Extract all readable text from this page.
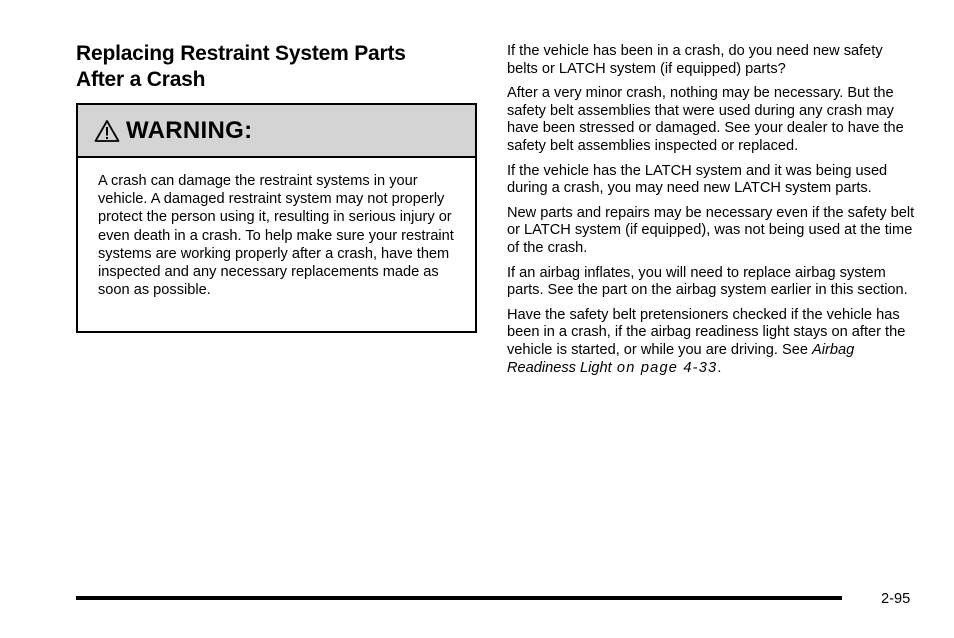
Replacing Restraint System Parts
After a Crash
WARNING:
A crash can damage the restraint systems in your vehicle. A damaged restraint system may not properly protect the person using it, resulting in serious injury or even death in a crash. To help make sure your restraint systems are working properly after a crash, have them inspected and any necessary replacements made as soon as possible.

If the vehicle has been in a crash, do you need new safety belts or LATCH system (if equipped) parts?

After a very minor crash, nothing may be necessary. But the safety belt assemblies that were used during any crash may have been stressed or damaged. See your dealer to have the safety belt assemblies inspected or replaced.

If the vehicle has the LATCH system and it was being used during a crash, you may need new LATCH system parts.

New parts and repairs may be necessary even if the safety belt or LATCH system (if equipped), was not being used at the time of the crash.

If an airbag inflates, you will need to replace airbag system parts. See the part on the airbag system earlier in this section.

Have the safety belt pretensioners checked if the vehicle has been in a crash, if the airbag readiness light stays on after the vehicle is started, or while you are driving. See Airbag Readiness Light on page 4-33.

2-95
